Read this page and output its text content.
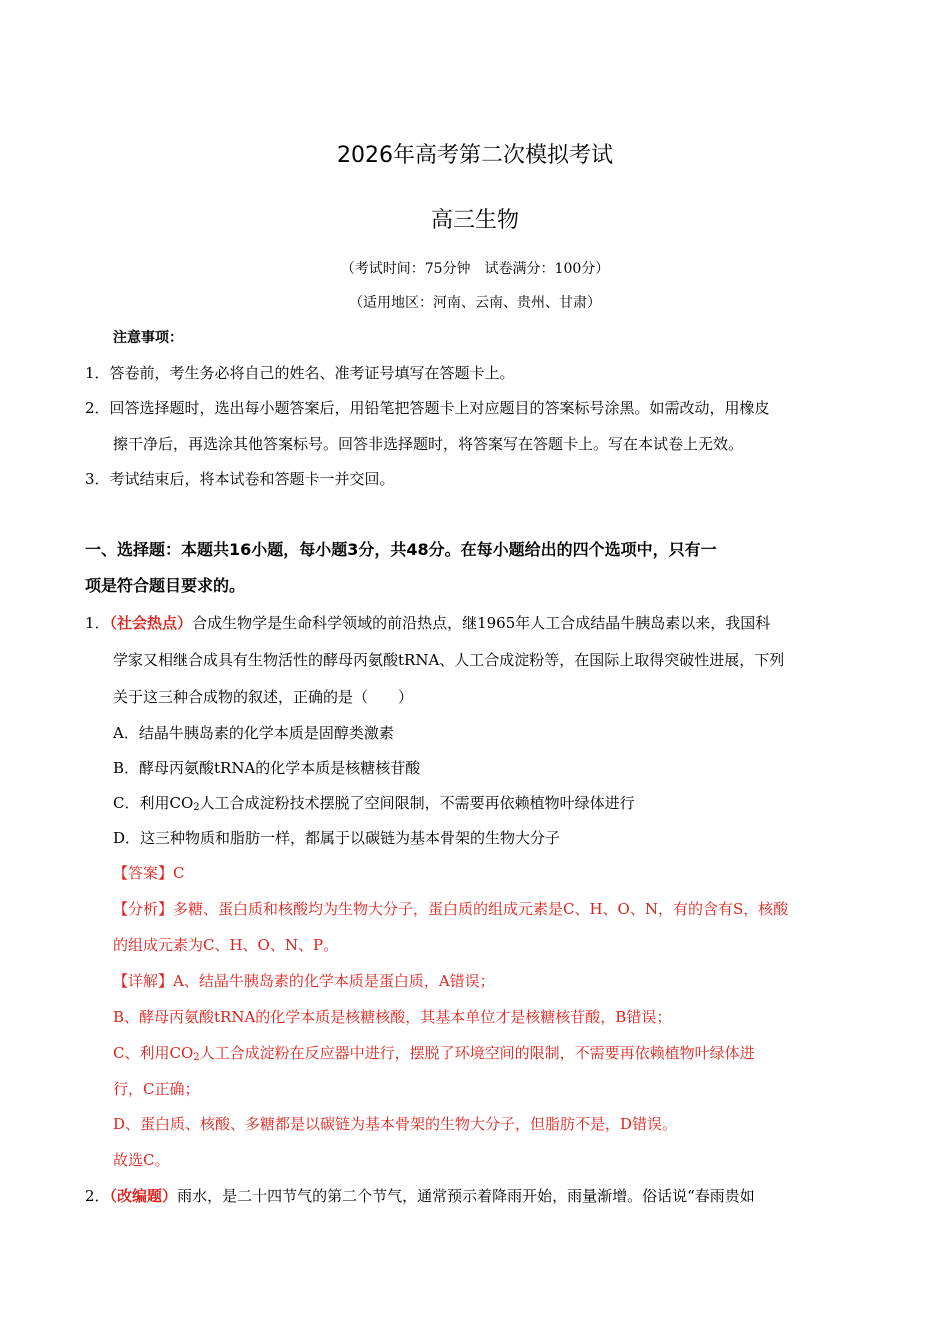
2026年高考第二次模拟考试
高三生物
（考试时间：75分钟　试卷满分：100分）
（适用地区：河南、云南、贵州、甘肃）
注意事项：
1．答卷前，考生务必将自己的姓名、准考证号填写在答题卡上。
2．回答选择题时，选出每小题答案后，用铅笔把答题卡上对应题目的答案标号涂黑。如需改动，用橡皮
擦干净后，再选涂其他答案标号。回答非选择题时，将答案写在答题卡上。写在本试卷上无效。
3．考试结束后，将本试卷和答题卡一并交回。
一、选择题：本题共16小题，每小题3分，共48分。在每小题给出的四个选项中，只有一
项是符合题目要求的。
1．（社会热点）合成生物学是生命科学领域的前沿热点，继1965年人工合成结晶牛胰岛素以来，我国科
学家又相继合成具有生物活性的酵母丙氨酸tRNA、人工合成淀粉等，在国际上取得突破性进展，下列
关于这三种合成物的叙述，正确的是（　　）
A．结晶牛胰岛素的化学本质是固醇类激素
B．酵母丙氨酸tRNA的化学本质是核糖核苷酸
C．利用$CO_2$人工合成淀粉技术摆脱了空间限制，不需要再依赖植物叶绿体进行
D．这三种物质和脂肪一样，都属于以碳链为基本骨架的生物大分子
【答案】C
【分析】多糖、蛋白质和核酸均为生物大分子，蛋白质的组成元素是C、H、O、N，有的含有S，核酸
的组成元素为C、H、O、N、P。
【详解】A、结晶牛胰岛素的化学本质是蛋白质，A错误；
B、酵母丙氨酸tRNA的化学本质是核糖核酸，其基本单位才是核糖核苷酸，B错误；
C、利用$CO_2$人工合成淀粉在反应器中进行，摆脱了环境空间的限制，不需要再依赖植物叶绿体进
行，C正确；
D、蛋白质、核酸、多糖都是以碳链为基本骨架的生物大分子，但脂肪不是，D错误。
故选C。
2．（改编题）雨水，是二十四节气的第二个节气，通常预示着降雨开始，雨量渐增。俗话说“春雨贵如
